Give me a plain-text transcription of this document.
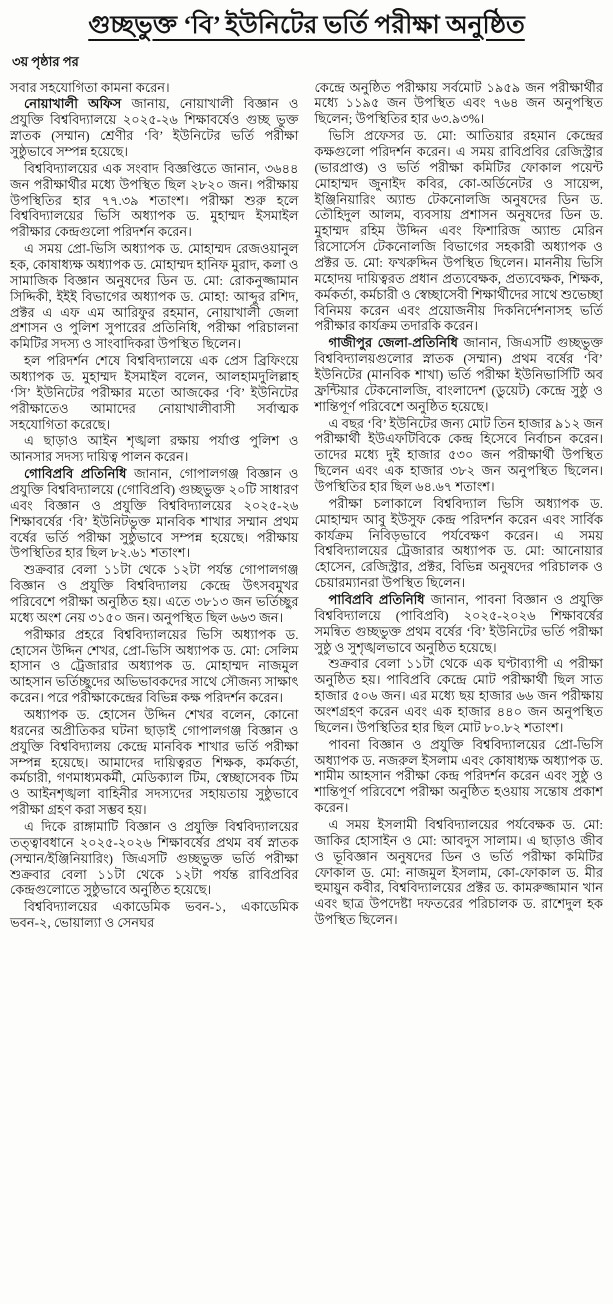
গুচ্ছভুক্ত ‘বি’ ইউনিটের ভর্তি পরীক্ষা অনুষ্ঠিত
৩য় পৃষ্ঠার পর

সবার সহযোগিতা কামনা করেন।

নোয়াখালী অফিস জানায়, নোয়াখালী বিজ্ঞান ও প্রযুক্তি বিশ্ববিদ্যালয়ে ২০২৫-২৬ শিক্ষাবর্ষেও গুচ্ছ ভুক্ত স্নাতক (সম্মান) শ্রেণীর ‘বি’ ইউনিটের ভর্তি পরীক্ষা সুষ্ঠুভাবে সম্পন্ন হয়েছে।

বিশ্ববিদ্যালয়ের এক সংবাদ বিজ্ঞপ্তিতে জানান, ৩৬৪৪ জন পরীক্ষার্থীর মধ্যে উপস্থিত ছিল ২৮২০ জন। পরীক্ষায় উপস্থিতির হার ৭৭.৩৯ শতাংশ। পরীক্ষা শুরু হলে বিশ্ববিদ্যালয়ের ভিসি অধ্যাপক ড. মুহাম্মদ ইসমাইল পরীক্ষার কেন্দ্রগুলো পরিদর্শন করেন।

এ সময় প্রো-ভিসি অধ্যাপক ড. মোহাম্মদ রেজওয়ানুল হক, কোষাধ্যক্ষ অধ্যাপক ড. মোহাম্মদ হানিফ মুরাদ, কলা ও সামাজিক বিজ্ঞান অনুষদের ডিন ড. মো: রোকনুজ্জামান সিদ্দিকী, ইইই বিভাগের অধ্যাপক ড. মোহা: আব্দুর রশিদ, প্রক্টর এ এফ এম আরিফুর রহমান, নোয়াখালী জেলা প্রশাসন ও পুলিশ সুপারের প্রতিনিধি, পরীক্ষা পরিচালনা কমিটির সদস্য ও সাংবাদিকরা উপস্থিত ছিলেন।

হল পরিদর্শন শেষে বিশ্ববিদ্যালয়ে এক প্রেস ব্রিফিংয়ে অধ্যাপক ড. মুহাম্মদ ইসমাইল বলেন, আলহামদুলিল্লাহ ‘সি’ ইউনিটের পরীক্ষার মতো আজকের ‘বি’ ইউনিটের পরীক্ষাতেও আমাদের নোয়াখালীবাসী সর্বাত্মক সহযোগিতা করেছে।

এ ছাড়াও আইন শৃঙ্খলা রক্ষায় পর্যাপ্ত পুলিশ ও আনসার সদস্য দায়িত্ব পালন করেন।

গোবিপ্রবি প্রতিনিধি জানান, গোপালগঞ্জ বিজ্ঞান ও প্রযুক্তি বিশ্ববিদ্যালয়ে (গোবিপ্রবি) গুচ্ছভুক্ত ২০টি সাধারণ এবং বিজ্ঞান ও প্রযুক্তি বিশ্ববিদ্যালয়ের ২০২৫-২৬ শিক্ষাবর্ষের ‘বি’ ইউনিটভুক্ত মানবিক শাখার সম্মান প্রথম বর্ষের ভর্তি পরীক্ষা সুষ্ঠুভাবে সম্পন্ন হয়েছে। পরীক্ষায় উপস্থিতির হার ছিল ৮২.৬১ শতাংশ।

শুক্রবার বেলা ১১টা থেকে ১২টা পর্যন্ত গোপালগঞ্জ বিজ্ঞান ও প্রযুক্তি বিশ্ববিদ্যালয় কেন্দ্রে উৎসবমুখর পরিবেশে পরীক্ষা অনুষ্ঠিত হয়। এতে ৩৮১৩ জন ভর্তিচ্ছুর মধ্যে অংশ নেয় ৩১৫০ জন। অনুপস্থিত ছিল ৬৬৩ জন।

পরীক্ষার প্রহরে বিশ্ববিদ্যালয়ের ভিসি অধ্যাপক ড. হোসেন উদ্দিন শেখর, প্রো-ভিসি অধ্যাপক ড. মো: সেলিম হাসান ও ট্রেজারার অধ্যাপক ড. মোহাম্মদ নাজমুল আহসান ভর্তিচ্ছুদের অভিভাবকদের সাথে সৌজন্য সাক্ষাৎ করেন। পরে পরীক্ষাকেন্দ্রের বিভিন্ন কক্ষ পরিদর্শন করেন।

অধ্যাপক ড. হোসেন উদ্দিন শেখর বলেন, কোনো ধরনের অপ্রীতিকর ঘটনা ছাড়াই গোপালগঞ্জ বিজ্ঞান ও প্রযুক্তি বিশ্ববিদ্যালয় কেন্দ্রে মানবিক শাখার ভর্তি পরীক্ষা সম্পন্ন হয়েছে। আমাদের দায়িত্বরত শিক্ষক, কর্মকর্তা, কর্মচারী, গণমাধ্যমকর্মী, মেডিক্যাল টিম, স্বেচ্ছাসেবক টিম ও আইনশৃঙ্খলা বাহিনীর সদস্যদের সহায়তায় সুষ্ঠুভাবে পরীক্ষা গ্রহণ করা সম্ভব হয়।

এ দিকে রাঙ্গামাটি বিজ্ঞান ও প্রযুক্তি বিশ্ববিদ্যালয়ের তত্ত্বাবধানে ২০২৫-২০২৬ শিক্ষাবর্ষের প্রথম বর্ষ স্নাতক (সম্মান/ইঞ্জিনিয়ারিং) জিএসটি গুচ্ছভুক্ত ভর্তি পরীক্ষা শুক্রবার বেলা ১১টা থেকে ১২টা পর্যন্ত রাবিপ্রবির কেন্দ্রগুলোতে সুষ্ঠুভাবে অনুষ্ঠিত হয়েছে।

বিশ্ববিদ্যালয়ের একাডেমিক ভবন-১, একাডেমিক ভবন-২, ভোয়াল্যা ও সেনঘর

কেন্দ্রে অনুষ্ঠিত পরীক্ষায় সর্বমোট ১৯৫৯ জন পরীক্ষার্থীর মধ্যে ১১৯৫ জন উপস্থিত এবং ৭৬৪ জন অনুপস্থিত ছিলেন; উপস্থিতির হার ৬৩.৯৩%।

ভিসি প্রফেসর ড. মো: আতিয়ার রহমান কেন্দ্রের কক্ষগুলো পরিদর্শন করেন। এ সময় রাবিপ্রবির রেজিস্ট্রার (ভারপ্রাপ্ত) ও ভর্তি পরীক্ষা কমিটির ফোকাল পয়েন্ট মোহাম্মদ জুনাইদ কবির, কো-অর্ডিনেটর ও সায়েন্স, ইঞ্জিনিয়ারিং অ্যান্ড টেকনোলজি অনুষদের ডিন ড. তৌহিদুল আলম, ব্যবসায় প্রশাসন অনুষদের ডিন ড. মুহাম্মদ রহিম উদ্দিন এবং ফিশারিজ অ্যান্ড মেরিন রিসোর্সেস টেকনোলজি বিভাগের সহকারী অধ্যাপক ও প্রক্টর ড. মো: ফখরুদ্দিন উপস্থিত ছিলেন। মাননীয় ভিসি মহোদয় দায়িত্বরত প্রধান প্রত্যবেক্ষক, প্রত্যবেক্ষক, শিক্ষক, কর্মকর্তা, কর্মচারী ও স্বেচ্ছাসেবী শিক্ষার্থীদের সাথে শুভেচ্ছা বিনিময় করেন এবং প্রয়োজনীয় দিকনির্দেশনাসহ ভর্তি পরীক্ষার কার্যক্রম তদারকি করেন।

গাজীপুর জেলা-প্রতিনিধি জানান, জিএসটি গুচ্ছভুক্ত বিশ্ববিদ্যালয়গুলোর স্নাতক (সম্মান) প্রথম বর্ষের ‘বি’ ইউনিটের (মানবিক শাখা) ভর্তি পরীক্ষা ইউনিভার্সিটি অব ফ্রন্টিয়ার টেকনোলজি, বাংলাদেশ (ডুয়েট) কেন্দ্রে সুষ্ঠু ও শান্তিপূর্ণ পরিবেশে অনুষ্ঠিত হয়েছে।

এ বছর ‘বি’ ইউনিটের জন্য মোট তিন হাজার ৯১২ জন পরীক্ষার্থী ইউএফটিবিকে কেন্দ্র হিসেবে নির্বাচন করেন। তাদের মধ্যে দুই হাজার ৫৩০ জন পরীক্ষার্থী উপস্থিত ছিলেন এবং এক হাজার ৩৮২ জন অনুপস্থিত ছিলেন। উপস্থিতির হার ছিল ৬৪.৬৭ শতাংশ।

পরীক্ষা চলাকালে বিশ্ববিদ্যাল ভিসি অধ্যাপক ড. মোহাম্মদ আবু ইউসুফ কেন্দ্র পরিদর্শন করেন এবং সার্বিক কার্যক্রম নিবিড়ভাবে পর্যবেক্ষণ করেন। এ সময় বিশ্ববিদ্যালয়ের ট্রেজারার অধ্যাপক ড. মো: আনোয়ার হোসেন, রেজিস্ট্রার, প্রক্টর, বিভিন্ন অনুষদের পরিচালক ও চেয়ারম্যানরা উপস্থিত ছিলেন।

পাবিপ্রবি প্রতিনিধি জানান, পাবনা বিজ্ঞান ও প্রযুক্তি বিশ্ববিদ্যালয়ে (পাবিপ্রবি) ২০২৫-২০২৬ শিক্ষাবর্ষের সমন্বিত গুচ্ছভুক্ত প্রথম বর্ষের ‘বি’ ইউনিটের ভর্তি পরীক্ষা সুষ্ঠু ও সুশৃঙ্খলভাবে অনুষ্ঠিত হয়েছে।

শুক্রবার বেলা ১১টা থেকে এক ঘণ্টাব্যাপী এ পরীক্ষা অনুষ্ঠিত হয়। পাবিপ্রবি কেন্দ্রে মোট পরীক্ষার্থী ছিল সাত হাজার ৫০৬ জন। এর মধ্যে ছয় হাজার ৬৬ জন পরীক্ষায় অংশগ্রহণ করেন এবং এক হাজার ৪৪০ জন অনুপস্থিত ছিলেন। উপস্থিতির হার ছিল মোট ৮০.৮২ শতাংশ।

পাবনা বিজ্ঞান ও প্রযুক্তি বিশ্ববিদ্যালয়ের প্রো-ভিসি অধ্যাপক ড. নজরুল ইসলাম এবং কোষাধ্যক্ষ অধ্যাপক ড. শামীম আহসান পরীক্ষা কেন্দ্র পরিদর্শন করেন এবং সুষ্ঠু ও শান্তিপূর্ণ পরিবেশে পরীক্ষা অনুষ্ঠিত হওয়ায় সন্তোষ প্রকাশ করেন।

এ সময় ইসলামী বিশ্ববিদ্যালয়ের পর্যবেক্ষক ড. মো: জাকির হোসাইন ও মো: আবদুস সালাম। এ ছাড়াও জীব ও ভূবিজ্ঞান অনুষদের ডিন ও ভর্তি পরীক্ষা কমিটির ফোকাল ড. মো: নাজমুল ইসলাম, কো-ফোকাল ড. মীর হুমায়ুন কবীর, বিশ্ববিদ্যালয়ের প্রক্টর ড. কামরুজ্জামান খান এবং ছাত্র উপদেষ্টা দফতরের পরিচালক ড. রাশেদুল হক উপস্থিত ছিলেন।
